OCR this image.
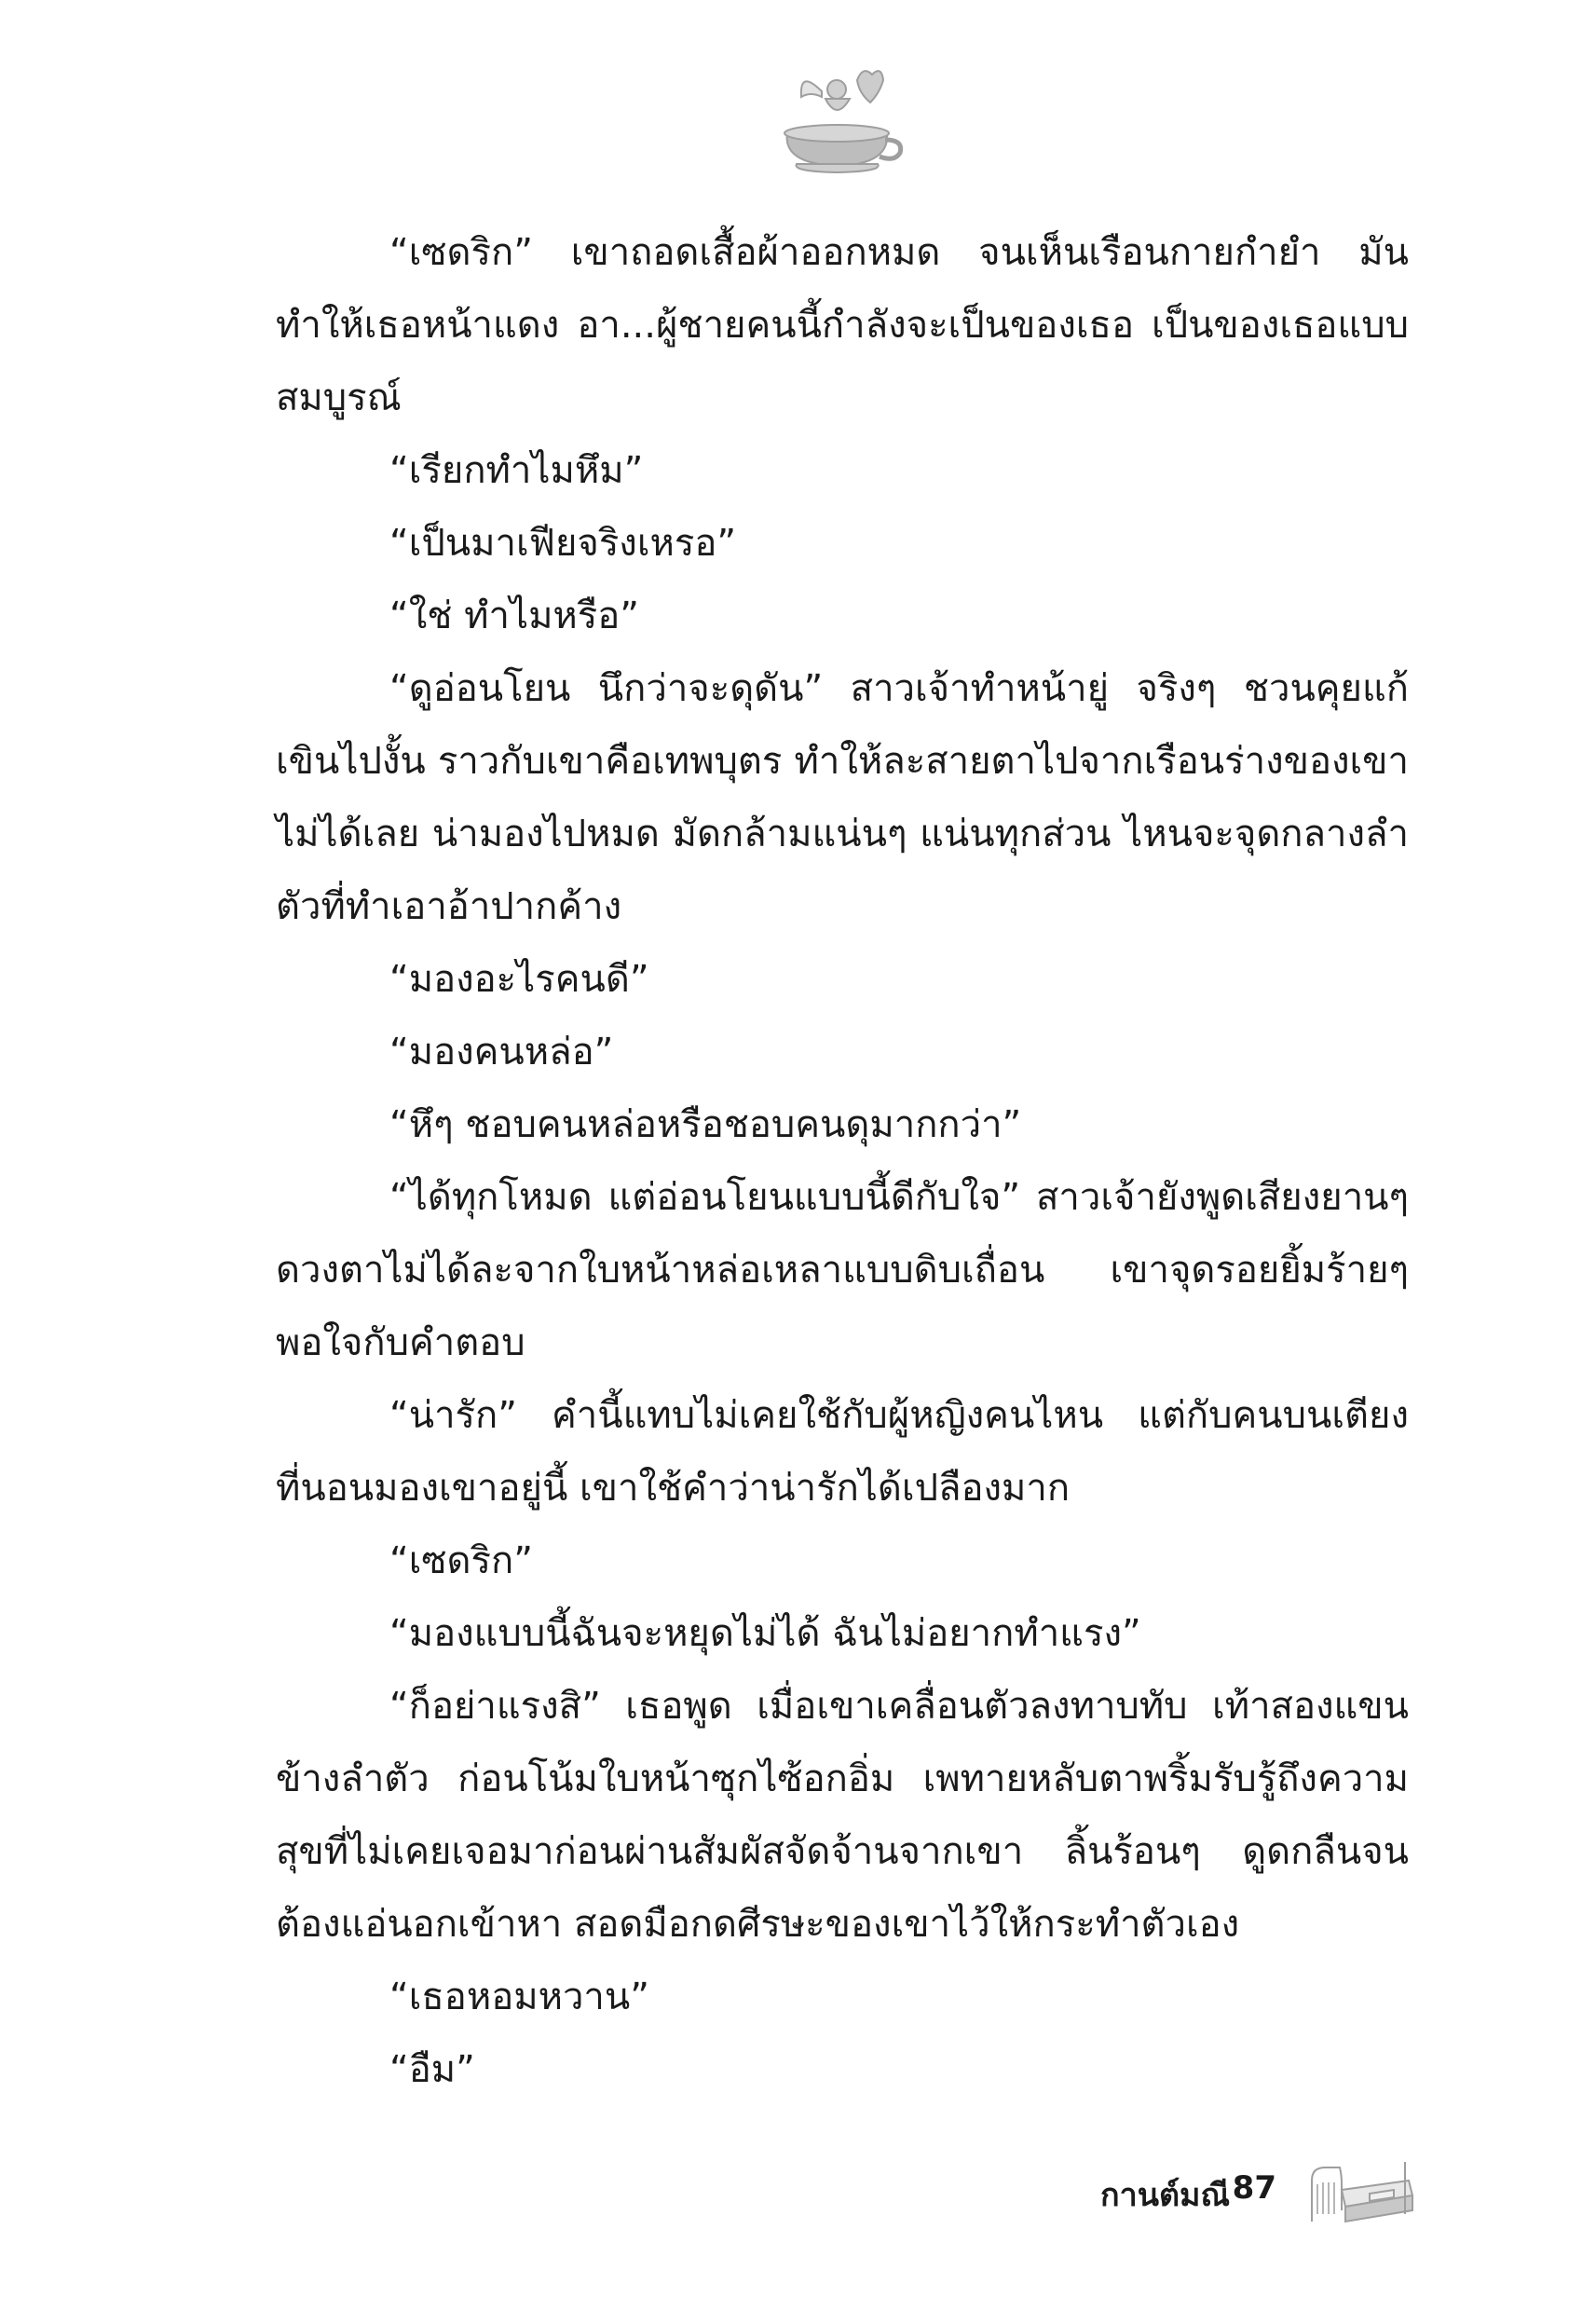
“เซดริก” เขาถอดเสื้อผ้าออกหมด จนเห็นเรือนกายกำยำ มันทำให้เธอหน้าแดง อา...ผู้ชายคนนี้กำลังจะเป็นของเธอ เป็นของเธอแบบสมบูรณ์

“เรียกทำไมหึม”

“เป็นมาเฟียจริงเหรอ”

“ใช่ ทำไมหรือ”

“ดูอ่อนโยน นึกว่าจะดุดัน” สาวเจ้าทำหน้ายู่ จริงๆ ชวนคุยแก้เขินไปงั้น ราวกับเขาคือเทพบุตร ทำให้ละสายตาไปจากเรือนร่างของเขาไม่ได้เลย น่ามองไปหมด มัดกล้ามแน่นๆ แน่นทุกส่วน ไหนจะจุดกลางลำตัวที่ทำเอาอ้าปากค้าง

“มองอะไรคนดี”

“มองคนหล่อ”

“หึๆ ชอบคนหล่อหรือชอบคนดุมากกว่า”

“ได้ทุกโหมด แต่อ่อนโยนแบบนี้ดีกับใจ” สาวเจ้ายังพูดเสียงยานๆ ดวงตาไม่ได้ละจากใบหน้าหล่อเหลาแบบดิบเถื่อน เขาจุดรอยยิ้มร้ายๆ พอใจกับคำตอบ

“น่ารัก” คำนี้แทบไม่เคยใช้กับผู้หญิงคนไหน แต่กับคนบนเตียงที่นอนมองเขาอยู่นี้ เขาใช้คำว่าน่ารักได้เปลืองมาก

“เซดริก”

“มองแบบนี้ฉันจะหยุดไม่ได้ ฉันไม่อยากทำแรง”

“ก็อย่าแรงสิ” เธอพูด เมื่อเขาเคลื่อนตัวลงทาบทับ เท้าสองแขนข้างลำตัว ก่อนโน้มใบหน้าซุกไซ้อกอิ่ม เพทายหลับตาพริ้มรับรู้ถึงความสุขที่ไม่เคยเจอมาก่อนผ่านสัมผัสจัดจ้านจากเขา ลิ้นร้อนๆ ดูดกลืนจนต้องแอ่นอกเข้าหา สอดมือกดศีรษะของเขาไว้ให้กระทำตัวเอง

“เธอหอมหวาน”

“อืม”

กานต์มณี 87
